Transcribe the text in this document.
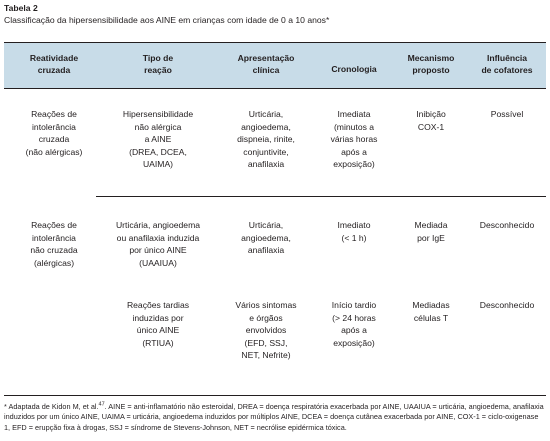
Tabela 2
Classificação da hipersensibilidade aos AINE em crianças com idade de 0 a 10 anos*
Reatividade
cruzada
Tipo de
reação
Apresentação
clínica	Cronologia
Mecanismo
proposto
Influência
de cofatores
Reações de
intolerância
cruzada
(não alérgicas)
Hipersensibilidade
não alérgica
a AINE
(DREA, DCEA,
UAIMA)
Urticária,
angioedema,
dispneia, rinite,
conjuntivite,
anafilaxia
Imediata
(minutos a
várias horas
após a
exposição)
Inibição
COX-1
Possível
Reações de
intolerância
não cruzada
(alérgicas)
Urticária, angioedema
ou anafilaxia induzida
por único AINE
(UAAIUA)
Urticária,
angioedema,
anafilaxia
Imediato
(< 1 h)
Mediada
por IgE
Desconhecido
Reações tardias
induzidas por
único AINE
(RTIUA)
Vários sintomas
e órgãos
envolvidos
(EFD, SSJ,
NET, Nefrite)
Início tardio
(> 24 horas
após a
exposição)
Mediadas
células T
Desconhecido
* Adaptada de Kidon M, et al.$^{47}$. AINE = anti-inflamatório não esteroidal, DREA = doença respiratória exacerbada por AINE, UAAIUA = urticária, angioedema, anafilaxia induzidos por um único AINE, UAIMA = urticária, angioedema induzidos por múltiplos AINE, DCEA = doença cutânea exacerbada por AINE, COX-1 = ciclo-oxigenase 1, EFD = erupção fixa à drogas, SSJ = síndrome de Stevens-Johnson, NET = necrólise epidérmica tóxica.
